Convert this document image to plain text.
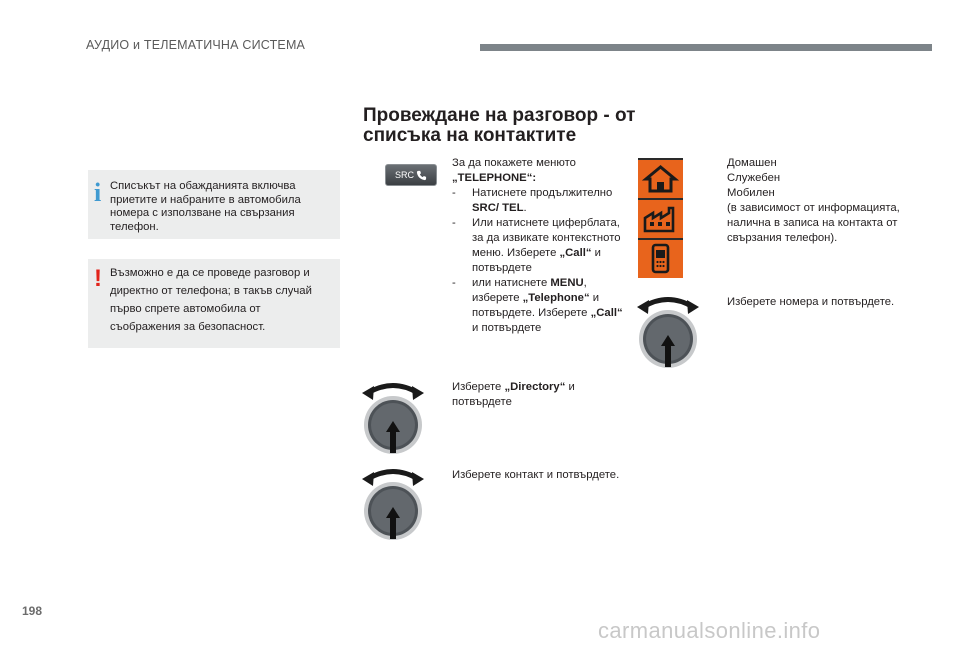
АУДИО и ТЕЛЕМАТИЧНА СИСТЕМА
Провеждане на разговор - от списъка на контактите
i Списъкът на обажданията включва приетите и набраните в автомобила номера с използване на свързания телефон.
! Възможно е да се проведе разговор и директно от телефона; в такъв случай първо спрете автомобила от съображения за безопасност.
SRC
За да покажете менюто
„TELEPHONE“:
-	Натиснете продължително SRC/ TEL.
-	Или натиснете циферблата, за да извикате контекстното меню. Изберете „Call“ и потвърдете
-	или натиснете MENU, изберете „Telephone“ и потвърдете. Изберете „Call“ и потвърдете
Изберете „Directory“ и потвърдете
Изберете контакт и потвърдете.
Домашен
Служебен
Мобилен
(в зависимост от информацията, налична в записа на контакта от свързания телефон).
Изберете номера и потвърдете.
198
carmanualsonline.info
